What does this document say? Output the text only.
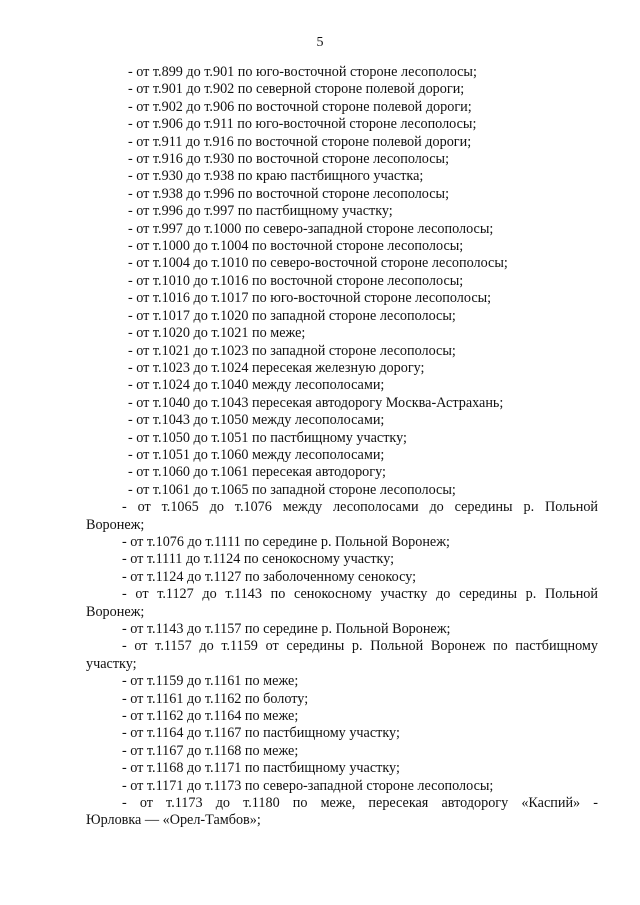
5
- от т.899 до т.901 по юго-восточной стороне лесополосы;
- от т.901 до т.902 по северной стороне полевой дороги;
- от т.902 до т.906 по восточной стороне полевой дороги;
- от т.906 до т.911 по юго-восточной стороне лесополосы;
- от т.911 до т.916 по восточной стороне полевой дороги;
- от т.916 до т.930 по восточной стороне лесополосы;
- от т.930 до т.938 по краю пастбищного участка;
- от т.938 до т.996 по восточной стороне лесополосы;
- от т.996 до т.997 по пастбищному участку;
- от т.997 до т.1000 по северо-западной стороне лесополосы;
- от т.1000 до т.1004 по восточной стороне лесополосы;
- от т.1004 до т.1010 по северо-восточной стороне лесополосы;
- от т.1010 до т.1016 по восточной стороне лесополосы;
- от т.1016 до т.1017 по юго-восточной стороне лесополосы;
- от т.1017 до т.1020 по западной стороне лесополосы;
- от т.1020 до т.1021 по меже;
- от т.1021 до т.1023 по западной стороне лесополосы;
- от т.1023 до т.1024 пересекая железную дорогу;
- от т.1024 до т.1040 между лесополосами;
- от т.1040 до т.1043 пересекая автодорогу Москва-Астрахань;
- от т.1043 до т.1050 между лесополосами;
- от т.1050 до т.1051 по пастбищному участку;
- от т.1051 до т.1060 между лесополосами;
- от т.1060 до т.1061 пересекая автодорогу;
- от т.1061 до т.1065 по западной стороне лесополосы;
- от т.1065 до т.1076 между лесополосами до середины р. Польной
Воронеж;
- от т.1076 до т.1111 по середине р. Польной Воронеж;
- от т.1111 до т.1124 по сенокосному участку;
- от т.1124 до т.1127 по заболоченному сенокосу;
- от т.1127 до т.1143 по сенокосному участку до середины р. Польной
Воронеж;
- от т.1143 до т.1157 по середине р. Польной Воронеж;
- от т.1157 до т.1159 от середины р. Польной Воронеж по пастбищному
участку;
- от т.1159 до т.1161 по меже;
- от т.1161 до т.1162 по болоту;
- от т.1162 до т.1164 по меже;
- от т.1164 до т.1167 по пастбищному участку;
- от т.1167 до т.1168 по меже;
- от т.1168 до т.1171 по пастбищному участку;
- от т.1171 до т.1173 по северо-западной стороне лесополосы;
- от т.1173 до т.1180 по меже, пересекая автодорогу «Каспий» -
Юрловка — «Орел-Тамбов»;
